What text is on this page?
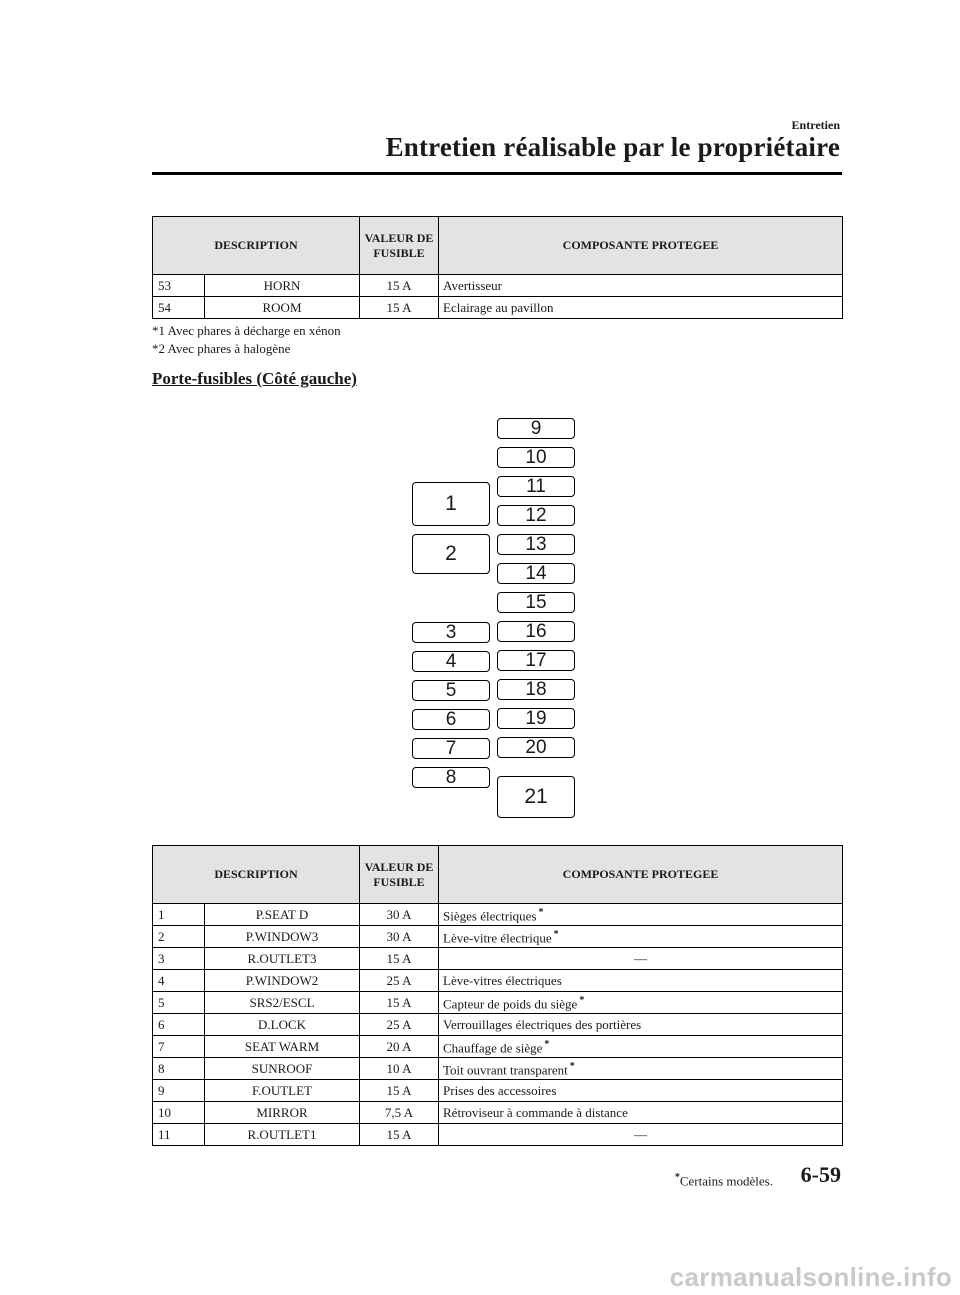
Entretien
Entretien réalisable par le propriétaire
DESCRIPTION		VALEUR DE FUSIBLE	COMPOSANTE PROTEGEE
53	HORN	15 A	Avertisseur
54	ROOM	15 A	Eclairage au pavillon
*1 Avec phares à décharge en xénon
*2 Avec phares à halogène
Porte-fusibles (Côté gauche)
1
2
3
4
5
6
7
8
9
10
11
12
13
14
15
16
17
18
19
20
21
DESCRIPTION		VALEUR DE FUSIBLE	COMPOSANTE PROTEGEE
1	P.SEAT D	30 A	Sièges électriques *
2	P.WINDOW3	30 A	Lève-vitre électrique *
3	R.OUTLET3	15 A	―
4	P.WINDOW2	25 A	Lève-vitres électriques
5	SRS2/ESCL	15 A	Capteur de poids du siège *
6	D.LOCK	25 A	Verrouillages électriques des portières
7	SEAT WARM	20 A	Chauffage de siège *
8	SUNROOF	10 A	Toit ouvrant transparent *
9	F.OUTLET	15 A	Prises des accessoires
10	MIRROR	7,5 A	Rétroviseur à commande à distance
11	R.OUTLET1	15 A	―
*Certains modèles. 6-59
carmanualsonline.info
